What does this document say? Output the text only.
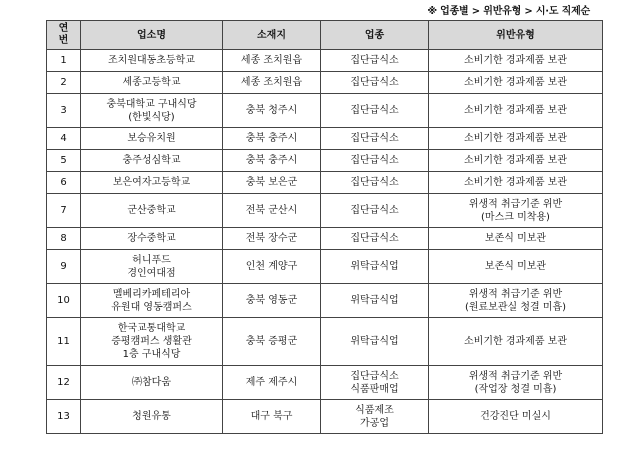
※ 업종별 > 위반유형 > 시·도 직제순
연
번	업소명	소재지	업종	위반유형
1	조치원대동초등학교	세종 조치원읍	집단급식소	소비기한 경과제품 보관

2	세종고등학교	세종 조치원읍	집단급식소	소비기한 경과제품 보관

3	충북대학교 구내식당
(한빛식당)	충북 청주시	집단급식소	소비기한 경과제품 보관

4	보승유치원	충북 충주시	집단급식소	소비기한 경과제품 보관

5	충주성심학교	충북 충주시	집단급식소	소비기한 경과제품 보관

6	보은여자고등학교	충북 보은군	집단급식소	소비기한 경과제품 보관

7	군산중학교	전북 군산시	집단급식소	위생적 취급기준 위반
(마스크 미착용)

8	장수중학교	전북 장수군	집단급식소	보존식 미보관

9	허니푸드
경인여대점	인천 계양구	위탁급식업	보존식 미보관

10	멜베리카페테리아
유원대 영동캠퍼스	충북 영동군	위탁급식업	위생적 취급기준 위반
(원료보관실 청결 미흡)

11	한국교통대학교
증평캠퍼스 생활관
1층 구내식당	충북 증평군	위탁급식업	소비기한 경과제품 보관

12	㈜참다움	제주 제주시	집단급식소
식품판매업	위생적 취급기준 위반
(작업장 청결 미흡)

13	청원유통	대구 북구	식품제조
가공업	건강진단 미실시
